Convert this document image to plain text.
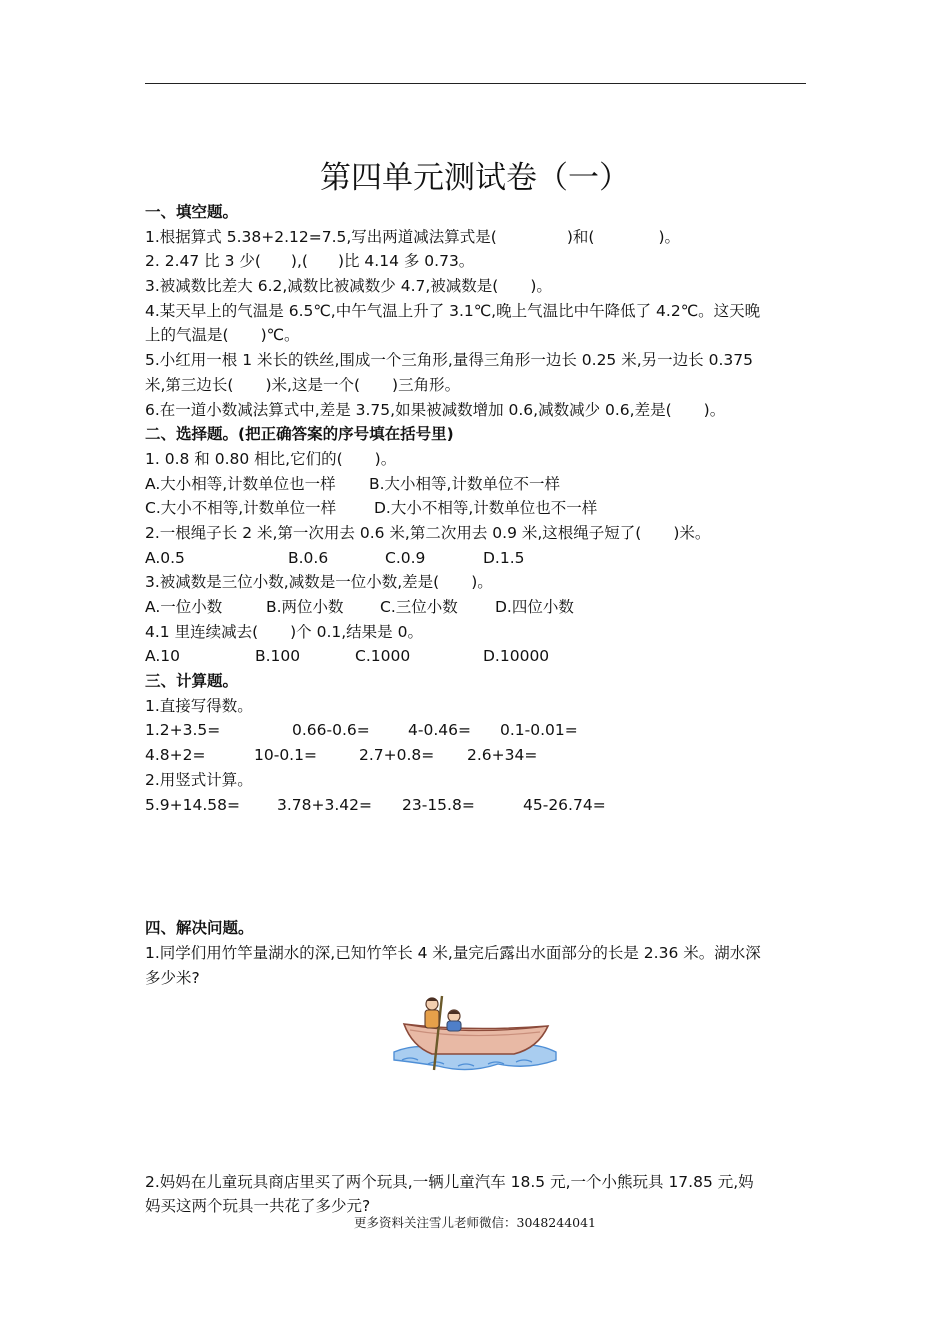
第四单元测试卷（一）
一、填空题。
1.根据算式 5.38+2.12=7.5,写出两道减法算式是(	)和(	)。
2. 2.47 比 3 少( ),( )比 4.14 多 0.73。
3.被减数比差大 6.2,减数比被减数少 4.7,被减数是( )。
4.某天早上的气温是 6.5℃,中午气温上升了 3.1℃,晚上气温比中午降低了 4.2℃。这天晚
上的气温是( )℃。
5.小红用一根 1 米长的铁丝,围成一个三角形,量得三角形一边长 0.25 米,另一边长 0.375
米,第三边长( )米,这是一个( )三角形。
6.在一道小数减法算式中,差是 3.75,如果被减数增加 0.6,减数减少 0.6,差是( )。
二、选择题。(把正确答案的序号填在括号里)
1. 0.8 和 0.80 相比,它们的( )。
A.大小相等,计数单位也一样 B.大小相等,计数单位不一样
C.大小不相等,计数单位一样 D.大小不相等,计数单位也不一样
2.一根绳子长 2 米,第一次用去 0.6 米,第二次用去 0.9 米,这根绳子短了( )米。
A.0.5	B.0.6	C.0.9	D.1.5
3.被减数是三位小数,减数是一位小数,差是( )。
A.一位小数	B.两位小数 C.三位小数 D.四位小数
4.1 里连续减去( )个 0.1,结果是 0。
A.10	B.100	C.1000	D.10000
三、计算题。
1.直接写得数。
1.2+3.5=	0.66-0.6= 4-0.46= 0.1-0.01=
4.8+2=	10-0.1=	2.7+0.8= 2.6+34=
2.用竖式计算。
5.9+14.58= 3.78+3.42= 23-15.8=	45-26.74=
四、解决问题。
1.同学们用竹竿量湖水的深,已知竹竿长 4 米,量完后露出水面部分的长是 2.36 米。湖水深
多少米?
2.妈妈在儿童玩具商店里买了两个玩具,一辆儿童汽车 18.5 元,一个小熊玩具 17.85 元,妈
妈买这两个玩具一共花了多少元?
更多资料关注雪儿老师微信：3048244041
